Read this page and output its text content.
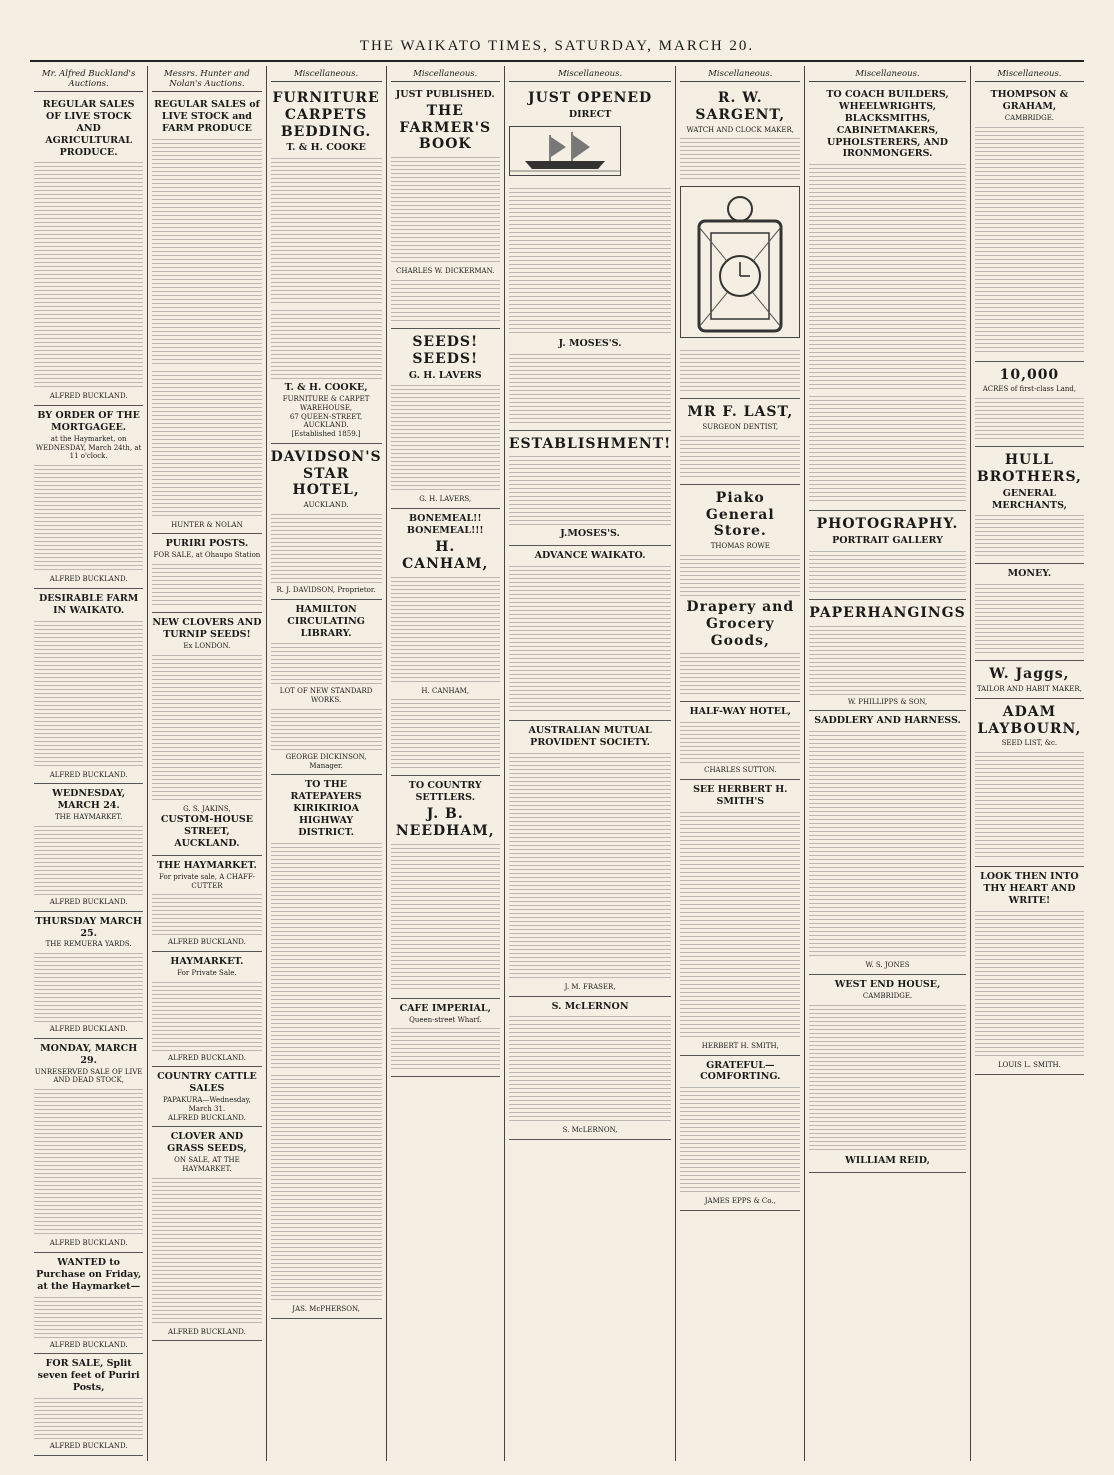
THE WAIKATO TIMES, SATURDAY, MARCH 20.
Mr. Alfred Buckland's Auctions.
REGULAR SALES OF LIVE STOCK AND AGRICULTURAL PRODUCE.
ALFRED BUCKLAND.
BY ORDER OF THE MORTGAGEE.
at the Haymarket, on WEDNESDAY, March 24th, at 11 o'clock.
ALFRED BUCKLAND.
DESIRABLE FARM IN WAIKATO.
ALFRED BUCKLAND.
WEDNESDAY, MARCH 24.
THE HAYMARKET.
ALFRED BUCKLAND.
THURSDAY MARCH 25.
THE REMUERA YARDS.
ALFRED BUCKLAND.
MONDAY, MARCH 29.
UNRESERVED SALE OF LIVE AND DEAD STOCK,
ALFRED BUCKLAND.
WANTED to Purchase on Friday, at the Haymarket—
ALFRED BUCKLAND.
FOR SALE, Split seven feet of Puriri Posts,
ALFRED BUCKLAND.
Messrs. Hunter and Nolan's Auctions.
REGULAR SALES of LIVE STOCK and FARM PRODUCE
HUNTER & NOLAN
PURIRI POSTS.
FOR SALE, at Ohaupo Station
NEW CLOVERS AND TURNIP SEEDS!
Ex LONDON.
G. S. JAKINS,
CUSTOM-HOUSE STREET, AUCKLAND.
THE HAYMARKET.
For private sale, A CHAFF-CUTTER
ALFRED BUCKLAND.
HAYMARKET.
For Private Sale.
ALFRED BUCKLAND.
COUNTRY CATTLE SALES
PAPAKURA—Wednesday, March 31.
ALFRED BUCKLAND.
CLOVER AND GRASS SEEDS,
ON SALE, AT THE HAYMARKET.
ALFRED BUCKLAND.
Miscellaneous.
FURNITURE CARPETS BEDDING.
T. & H. COOKE
T. & H. COOKE,
FURNITURE & CARPET WAREHOUSE,
67 QUEEN-STREET, AUCKLAND.
[Established 1859.]
DAVIDSON'S STAR HOTEL,
AUCKLAND.
R. J. DAVIDSON, Proprietor.
HAMILTON CIRCULATING LIBRARY.
LOT OF NEW STANDARD WORKS.
GEORGE DICKINSON, Manager.
TO THE RATEPAYERS KIRIKIRIOA HIGHWAY DISTRICT.
JAS. McPHERSON,
Miscellaneous.
JUST PUBLISHED.
THE FARMER'S BOOK
CHARLES W. DICKERMAN.
SEEDS! SEEDS!
G. H. LAVERS
G. H. LAVERS,
BONEMEAL!! BONEMEAL!!!
H. CANHAM,
H. CANHAM,
TO COUNTRY SETTLERS.
J. B. NEEDHAM,
CAFE IMPERIAL,
Queen-street Wharf.
Miscellaneous.
JUST OPENED
DIRECT
J. MOSES'S.
ESTABLISHMENT!
J.MOSES'S.
ADVANCE WAIKATO.
AUSTRALIAN MUTUAL PROVIDENT SOCIETY.
J. M. FRASER,
S. McLERNON
S. McLERNON,
Miscellaneous.
R. W. SARGENT,
WATCH AND CLOCK MAKER,
MR F. LAST,
SURGEON DENTIST,
Piako General Store.
THOMAS ROWE
Drapery and Grocery Goods,
HALF-WAY HOTEL,
CHARLES SUTTON.
SEE HERBERT H. SMITH'S
HERBERT H. SMITH,
GRATEFUL—COMFORTING.
JAMES EPPS & Co.,
Miscellaneous.
TO COACH BUILDERS, WHEELWRIGHTS, BLACKSMITHS, CABINETMAKERS, UPHOLSTERERS, AND IRONMONGERS.
PHOTOGRAPHY.
PORTRAIT GALLERY
PAPERHANGINGS
W. PHILLIPPS & SON,
SADDLERY AND HARNESS.
W. S. JONES
WEST END HOUSE,
CAMBRIDGE.
WILLIAM REID,
Miscellaneous.
THOMPSON & GRAHAM,
CAMBRIDGE.
10,000
ACRES of first-class Land,
HULL BROTHERS,
GENERAL MERCHANTS,
MONEY.
W. Jaggs,
TAILOR AND HABIT MAKER,
ADAM LAYBOURN,
SEED LIST, &c.
LOOK THEN INTO THY HEART AND WRITE!
LOUIS L. SMITH.
